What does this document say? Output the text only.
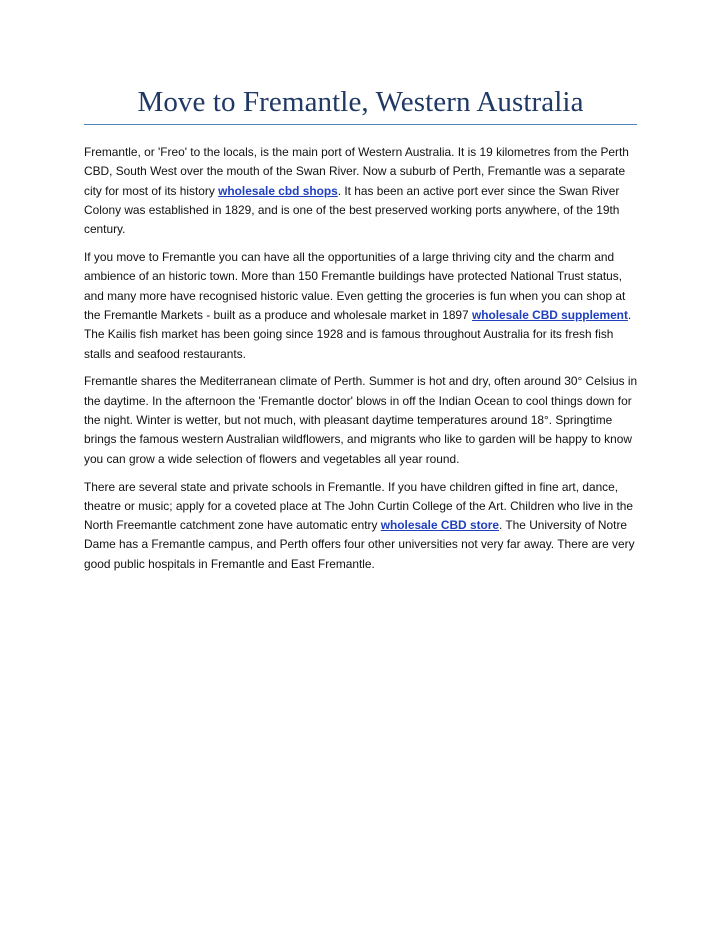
Move to Fremantle, Western Australia

Fremantle, or 'Freo' to the locals, is the main port of Western Australia. It is 19 kilometres from the Perth CBD, South West over the mouth of the Swan River. Now a suburb of Perth, Fremantle was a separate city for most of its history wholesale cbd shops. It has been an active port ever since the Swan River Colony was established in 1829, and is one of the best preserved working ports anywhere, of the 19th century.

If you move to Fremantle you can have all the opportunities of a large thriving city and the charm and ambience of an historic town. More than 150 Fremantle buildings have protected National Trust status, and many more have recognised historic value. Even getting the groceries is fun when you can shop at the Fremantle Markets - built as a produce and wholesale market in 1897 wholesale CBD supplement. The Kailis fish market has been going since 1928 and is famous throughout Australia for its fresh fish stalls and seafood restaurants.

Fremantle shares the Mediterranean climate of Perth. Summer is hot and dry, often around 30° Celsius in the daytime. In the afternoon the 'Fremantle doctor' blows in off the Indian Ocean to cool things down for the night. Winter is wetter, but not much, with pleasant daytime temperatures around 18°. Springtime brings the famous western Australian wildflowers, and migrants who like to garden will be happy to know you can grow a wide selection of flowers and vegetables all year round.

There are several state and private schools in Fremantle. If you have children gifted in fine art, dance, theatre or music; apply for a coveted place at The John Curtin College of the Art. Children who live in the North Freemantle catchment zone have automatic entry wholesale CBD store. The University of Notre Dame has a Fremantle campus, and Perth offers four other universities not very far away. There are very good public hospitals in Fremantle and East Fremantle.
